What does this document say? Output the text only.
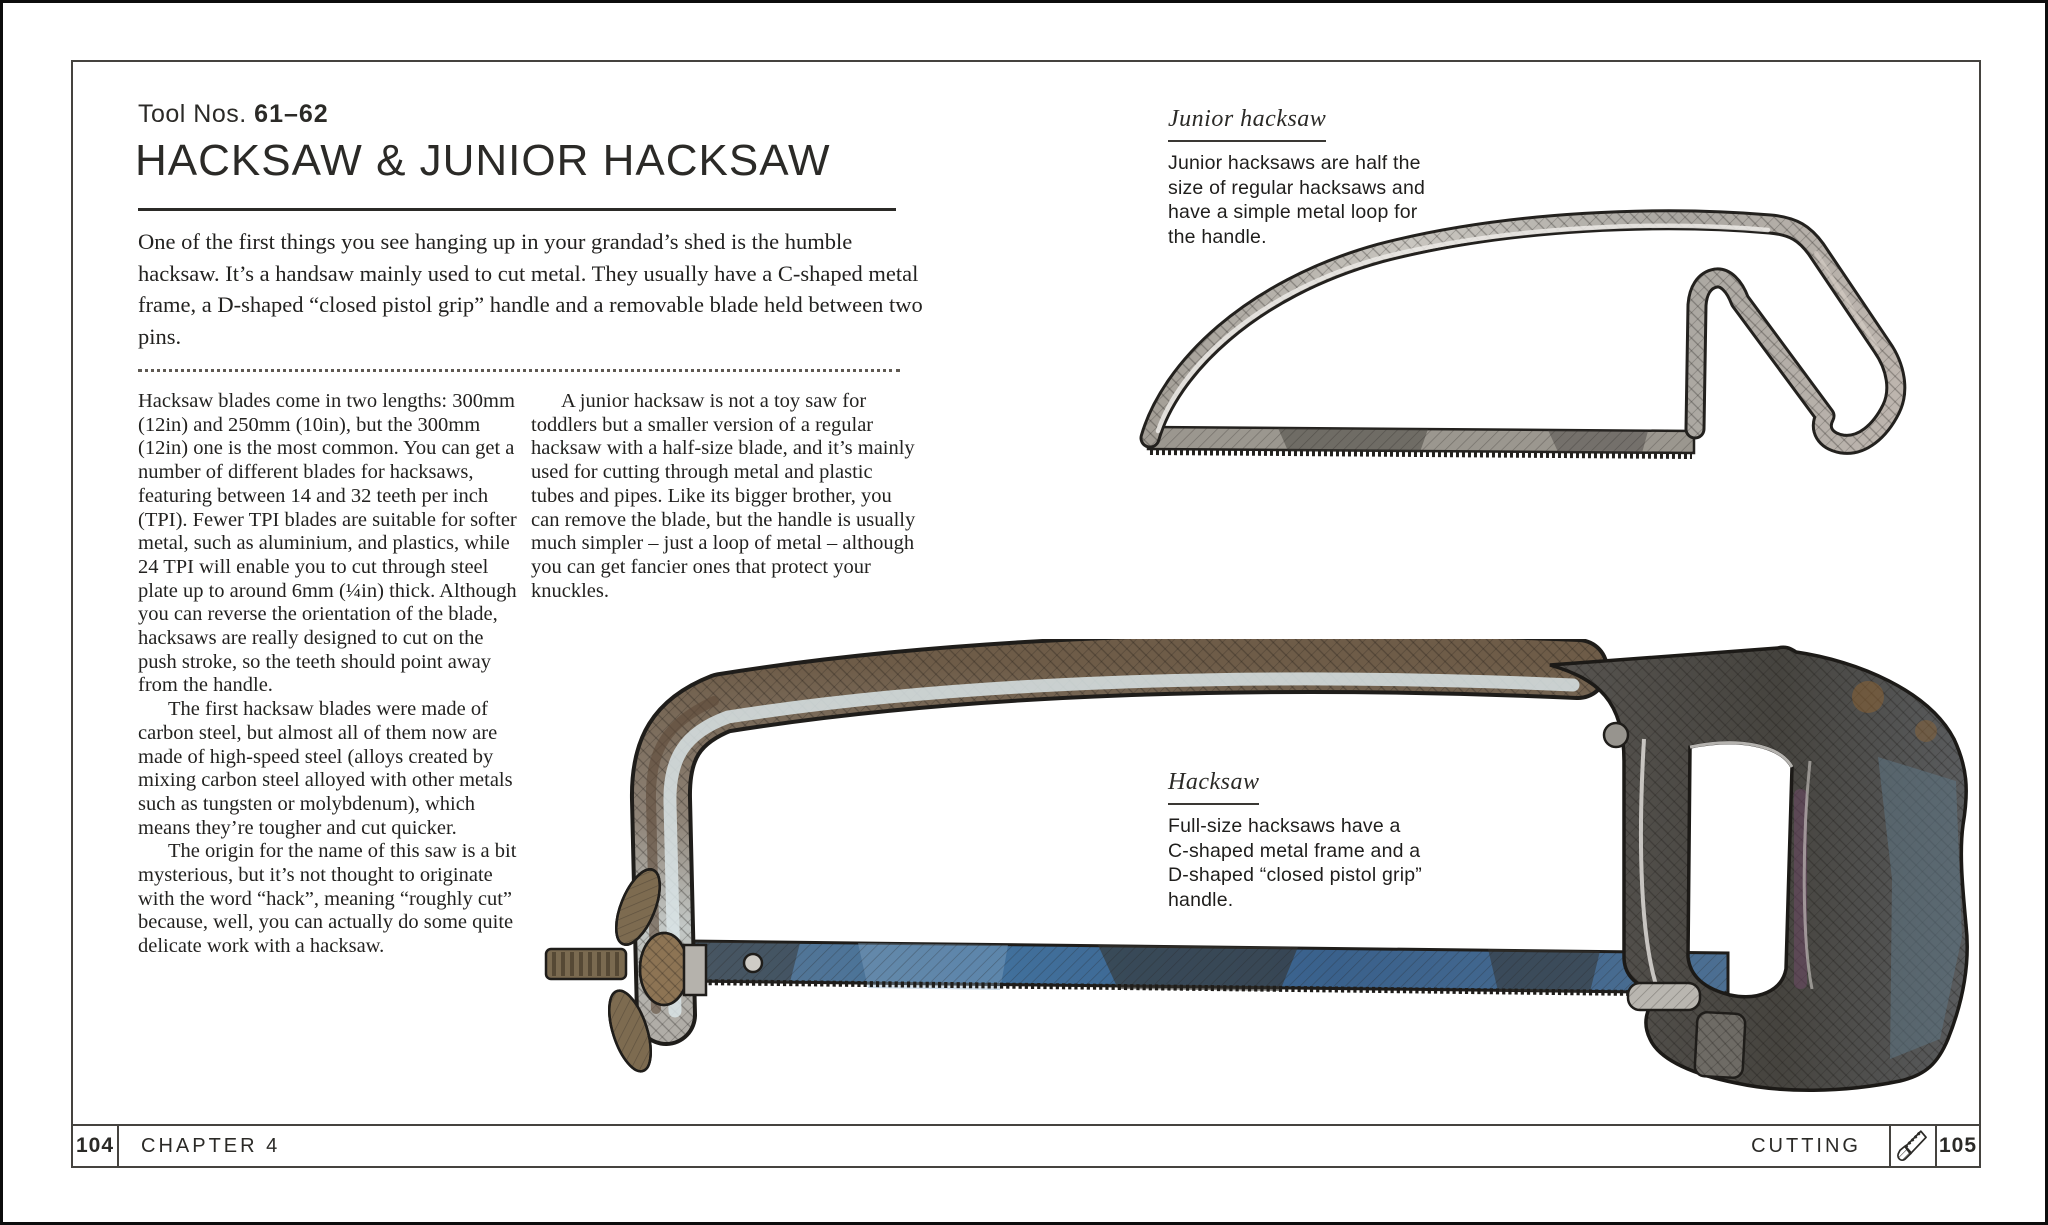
Tool Nos. 61–62
HACKSAW & JUNIOR HACKSAW
One of the first things you see hanging up in your grandad’s shed is the humble hacksaw. It’s a handsaw mainly used to cut metal. They usually have a C-shaped metal frame, a D-shaped “closed pistol grip” handle and a removable blade held between two pins.

Hacksaw blades come in two lengths: 300mm (12in) and 250mm (10in), but the 300mm (12in) one is the most common. You can get a number of different blades for hacksaws, featuring between 14 and 32 teeth per inch (TPI). Fewer TPI blades are suitable for softer metal, such as aluminium, and plastics, while 24 TPI will enable you to cut through steel plate up to around 6mm (¼in) thick. Although you can reverse the orientation of the blade, hacksaws are really designed to cut on the push stroke, so the teeth should point away from the handle.

The first hacksaw blades were made of carbon steel, but almost all of them now are made of high-speed steel (alloys created by mixing carbon steel alloyed with other metals such as tungsten or molybdenum), which means they’re tougher and cut quicker.

The origin for the name of this saw is a bit mysterious, but it’s not thought to originate with the word “hack”, meaning “roughly cut” because, well, you can actually do some quite delicate work with a hacksaw.

A junior hacksaw is not a toy saw for toddlers but a smaller version of a regular hacksaw with a half-size blade, and it’s mainly used for cutting through metal and plastic tubes and pipes. Like its bigger brother, you can remove the blade, but the handle is usually much simpler – just a loop of metal – although you can get fancier ones that protect your knuckles.

Junior hacksaw
Junior hacksaws are half the size of regular hacksaws and have a simple metal loop for the handle.
Hacksaw
Full-size hacksaws have a C-shaped metal frame and a D-shaped “closed pistol grip” handle.
104 CHAPTER 4	CUTTING	105
